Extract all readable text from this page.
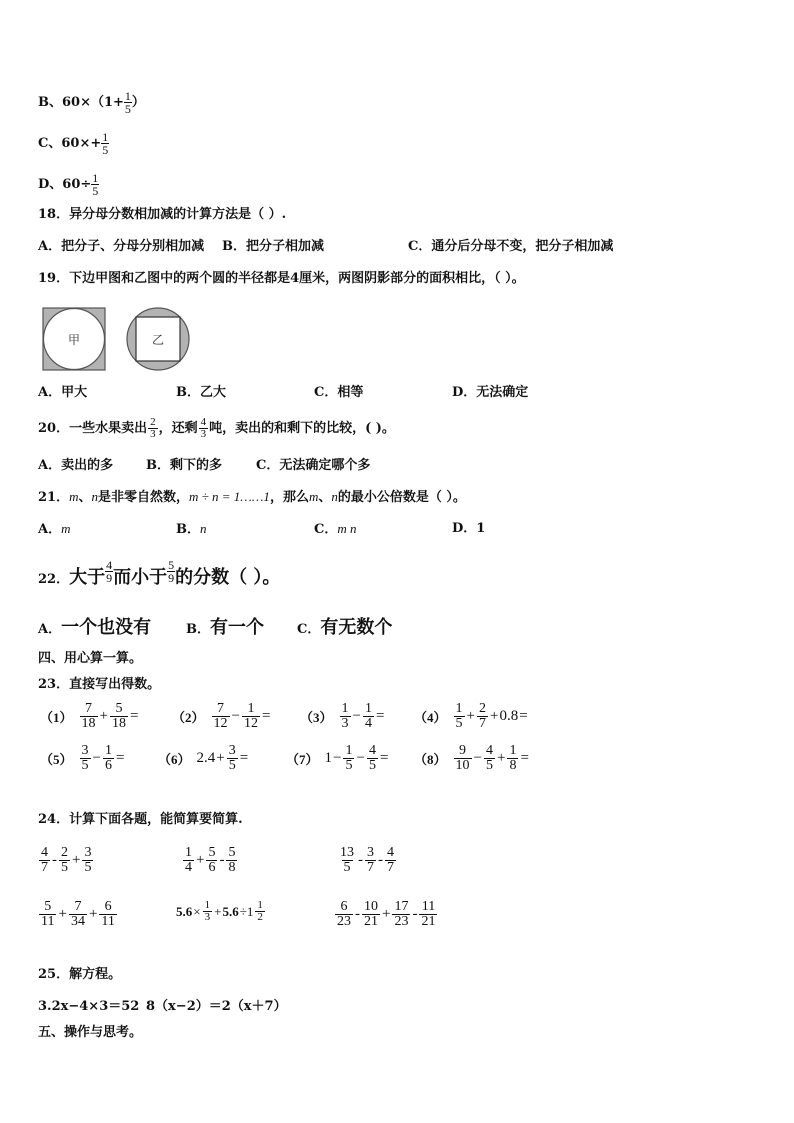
B、$60\times(1+ \frac{1}{5}$ ）
C、$60\times+ \frac{1}{5}$
D、$60\div \frac{1}{5}$
18．异分母分数相加减的计算方法是（ ）.
A．把分子、分母分别相加减 B．把分子相加减	C．通分后分母不变，把分子相加减
19．下边甲图和乙图中的两个圆的半径都是4厘米，两图阴影部分的面积相比，（ ）。
甲	乙
A．甲大	B．乙大	C．相等	D．无法确定
20．一些水果卖出 $\frac{2}{3}$ ，还剩 $\frac{4}{3}$ 吨，卖出的和剩下的比较，( )。
A．卖出的多	B．剩下的多	C．无法确定哪个多
21．m、n是非零自然数，m ÷ n = 1……1，那么m、n的最小公倍数是（ ）。
A．m	B．n	C．m n	D．1
22．大于 $\frac{4}{9}$ 而小于 $\frac{5}{9}$ 的分数（ ）。
A．一个也没有	B．有一个	C．有无数个
四、用心算一算。
23．直接写出得数。
$(1) \frac{7}{18} + \frac{5}{18}$ =	$(2) \frac{7}{12} - \frac{1}{12} = (3) \frac{1}{3} - \frac{1}{4} = (4) \frac{1}{5} + \frac{2}{7} + 0.8$ =
$(5) \frac{3}{5} - \frac{1}{6}$ =	（6） $2.4 + \frac{3}{5}$ =	（7） $1 - \frac{1}{5} - \frac{4}{5} = (8) \frac{9}{10} - \frac{4}{5} + \frac{1}{8}$ =
24．计算下面各题，能简算要简算.
$\frac{4}{7} - \frac{2}{5} + \frac{3}{5}$	$\frac{1}{4} + \frac{5}{6} - \frac{5}{8}$	$\frac{13}{5} - \frac{3}{7} - \frac{4}{7}$
$\frac{5}{11} + \frac{7}{34} + \frac{6}{11}$	$5.6 \times \frac{1}{3} + 5.6 \div 1 \frac{1}{2}$	$\frac{6}{23} - \frac{10}{21} + \frac{17}{23} - \frac{11}{21}$
25．解方程。
3.2x−4×3＝52 8（x−2）＝2（x＋7）
五、操作与思考。
